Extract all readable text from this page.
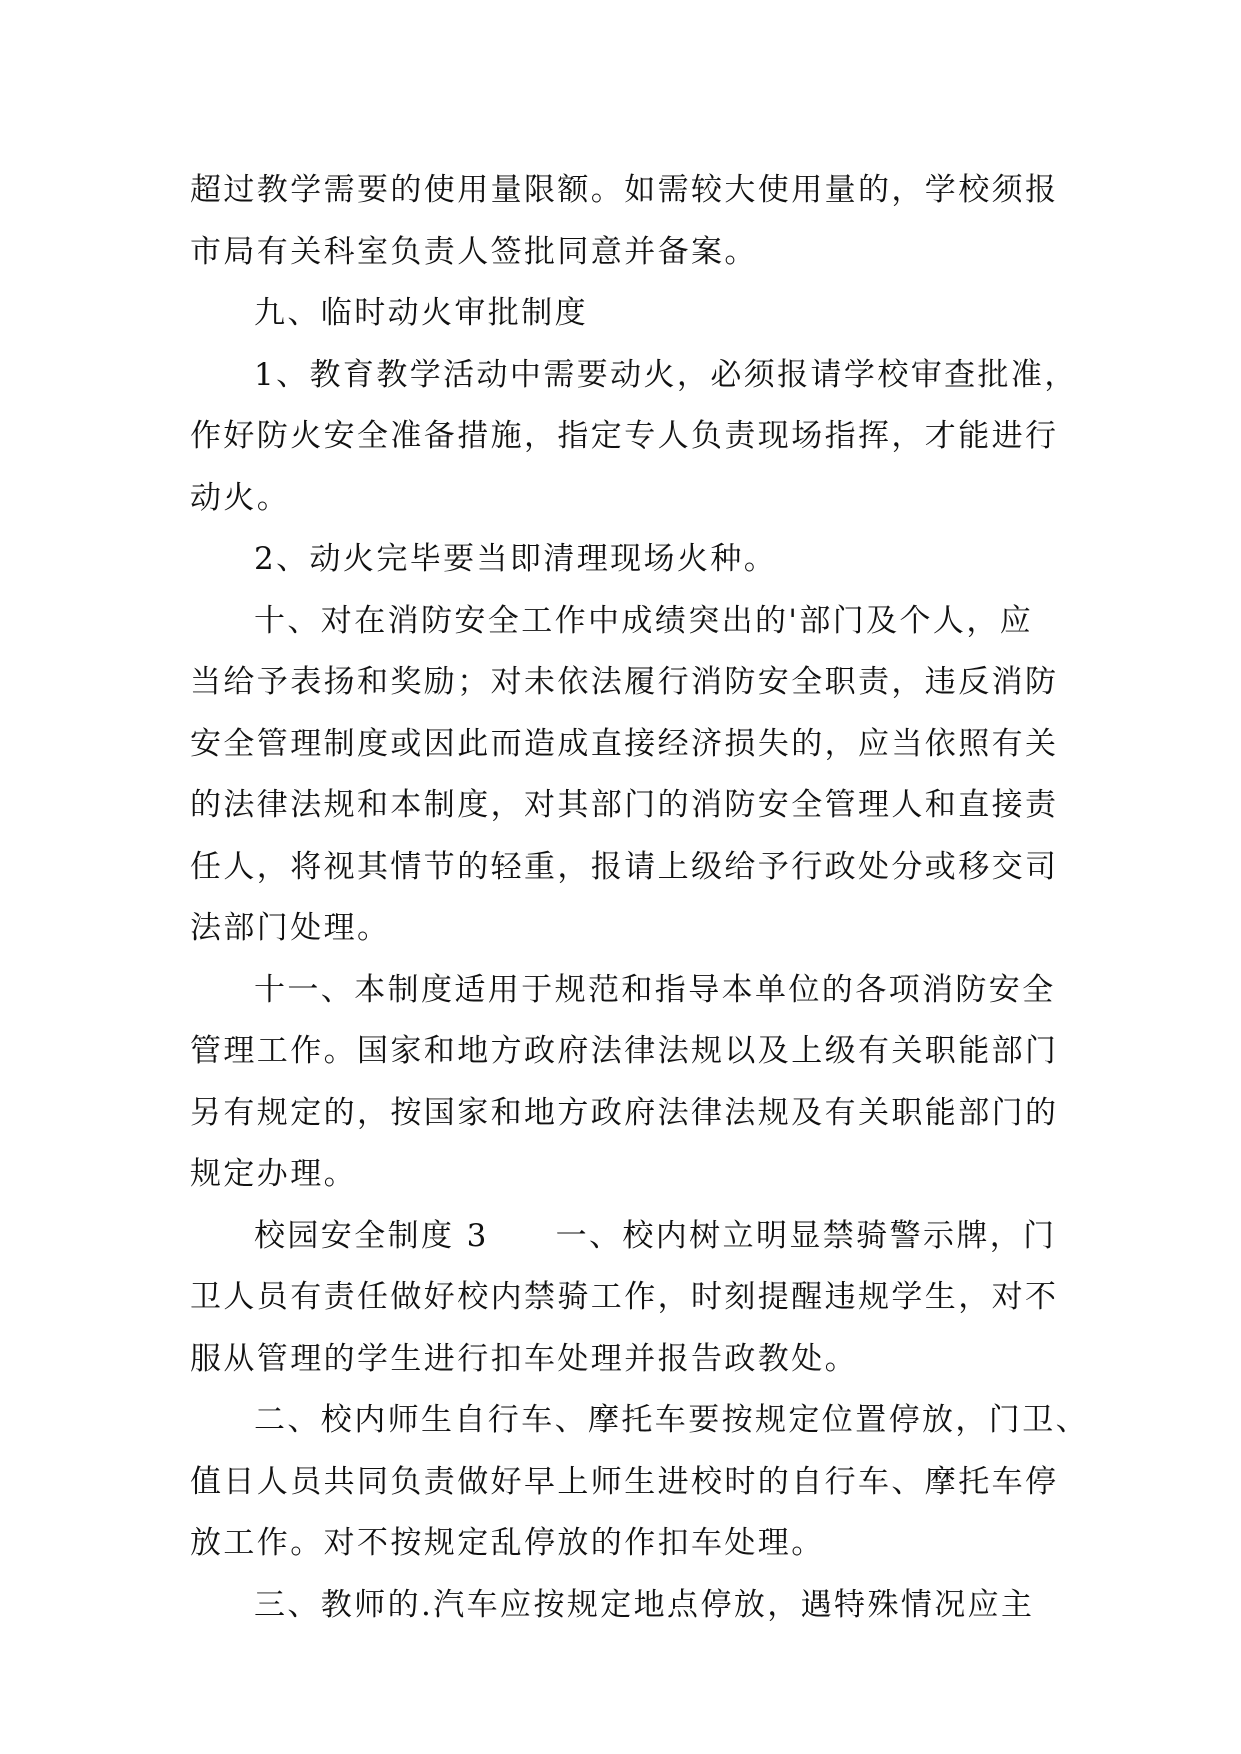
超过教学需要的使用量限额。如需较大使用量的，学校须报
市局有关科室负责人签批同意并备案。
九、临时动火审批制度
1、教育教学活动中需要动火，必须报请学校审查批准，
作好防火安全准备措施，指定专人负责现场指挥，才能进行
动火。
2、动火完毕要当即清理现场火种。
十、对在消防安全工作中成绩突出的'部门及个人，应
当给予表扬和奖励；对未依法履行消防安全职责，违反消防
安全管理制度或因此而造成直接经济损失的，应当依照有关
的法律法规和本制度，对其部门的消防安全管理人和直接责
任人，将视其情节的轻重，报请上级给予行政处分或移交司
法部门处理。
十一、本制度适用于规范和指导本单位的各项消防安全
管理工作。国家和地方政府法律法规以及上级有关职能部门
另有规定的，按国家和地方政府法律法规及有关职能部门的
规定办理。
校园安全制度 3　　一、校内树立明显禁骑警示牌，门
卫人员有责任做好校内禁骑工作，时刻提醒违规学生，对不
服从管理的学生进行扣车处理并报告政教处。
二、校内师生自行车、摩托车要按规定位置停放，门卫、
值日人员共同负责做好早上师生进校时的自行车、摩托车停
放工作。对不按规定乱停放的作扣车处理。
三、教师的.汽车应按规定地点停放，遇特殊情况应主
